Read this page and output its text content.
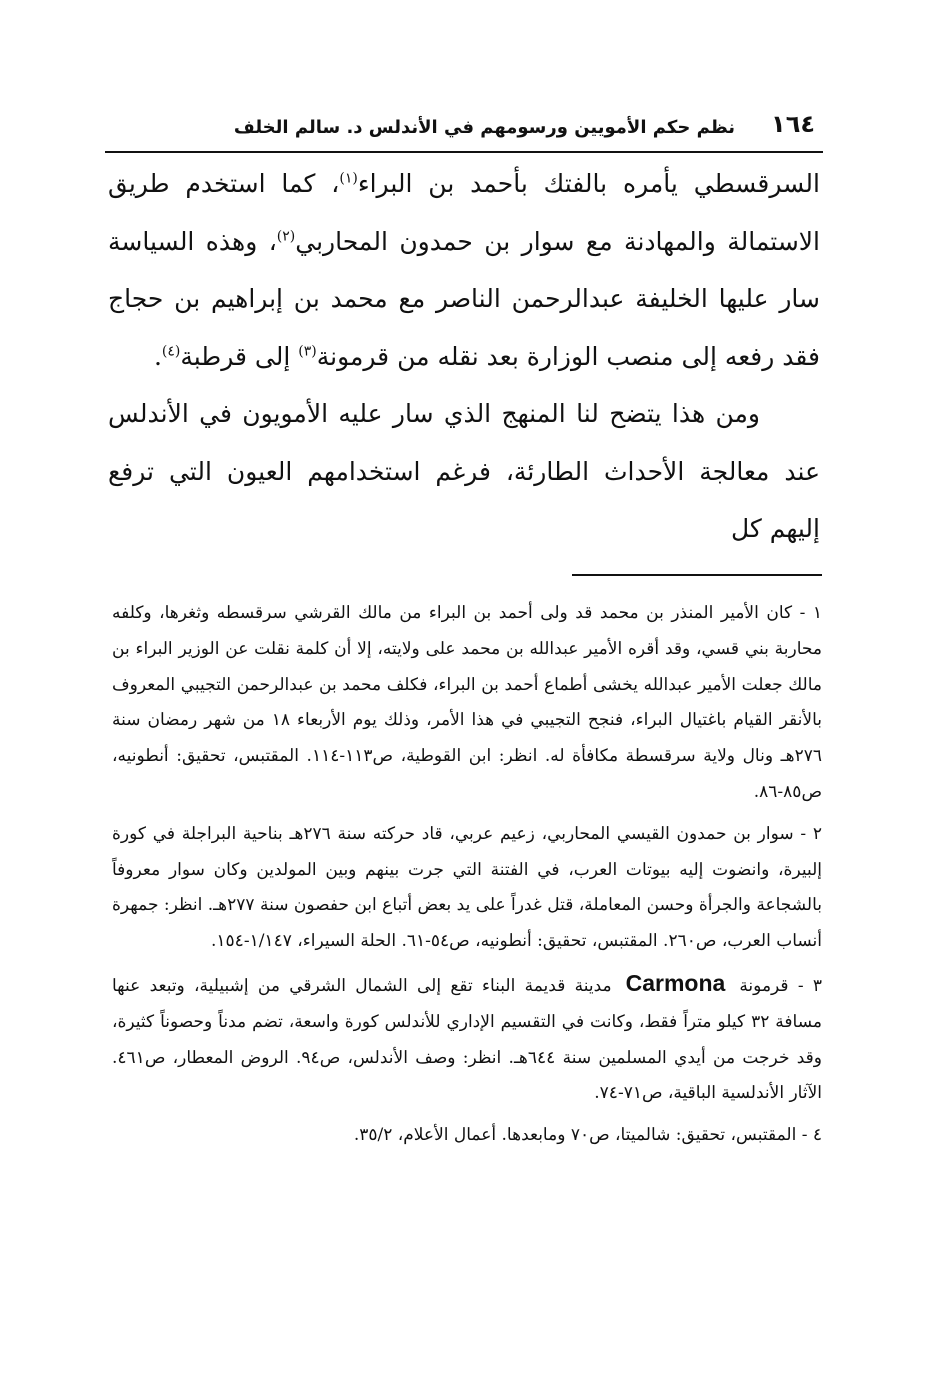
١٦٤
نظم حكم الأمويين ورسومهم في الأندلس د. سالم الخلف

السرقسطي يأمره بالفتك بأحمد بن البراء$^{(١)}$، كما استخدم طريق الاستمالة والمهادنة مع سوار بن حمدون المحاربي$^{(٢)}$، وهذه السياسة سار عليها الخليفة عبدالرحمن الناصر مع محمد بن إبراهيم بن حجاج فقد رفعه إلى منصب الوزارة بعد نقله من قرمونة$^{(٣)}$ إلى قرطبة$^{(٤)}$.

ومن هذا يتضح لنا المنهج الذي سار عليه الأمويون في الأندلس عند معالجة الأحداث الطارئة، فرغم استخدامهم العيون التي ترفع إليهم كل

١ - كان الأمير المنذر بن محمد قد ولى أحمد بن البراء من مالك القرشي سرقسطه وثغرها، وكلفه محاربة بني قسي، وقد أقره الأمير عبدالله بن محمد على ولايته، إلا أن كلمة نقلت عن الوزير البراء بن مالك جعلت الأمير عبدالله يخشى أطماع أحمد بن البراء، فكلف محمد بن عبدالرحمن التجيبي المعروف بالأنقر القيام باغتيال البراء، فنجح التجيبي في هذا الأمر، وذلك يوم الأربعاء ١٨ من شهر رمضان سنة ٢٧٦هـ ونال ولاية سرقسطة مكافأة له. انظر: ابن القوطية، ص١١٣-١١٤. المقتبس، تحقيق: أنطونيه، ص٨٥-٨٦.

٢ - سوار بن حمدون القيسي المحاربي، زعيم عربي، قاد حركته سنة ٢٧٦هـ بناحية البراجلة في كورة إلبيرة، وانضوت إليه بيوتات العرب، في الفتنة التي جرت بينهم وبين المولدين وكان سوار معروفاً بالشجاعة والجرأة وحسن المعاملة، قتل غدراً على يد بعض أتباع ابن حفصون سنة ٢٧٧هـ. انظر: جمهرة أنساب العرب، ص٢٦٠. المقتبس، تحقيق: أنطونيه، ص٥٤-٦١. الحلة السيراء، ١/١٤٧-١٥٤.

٣ - قرمونةCarmonaمدينة قديمة البناء تقع إلى الشمال الشرقي من إشبيلية، وتبعد عنها مسافة ٣٢ كيلو متراً فقط، وكانت في التقسيم الإداري للأندلس كورة واسعة، تضم مدناً وحصوناً كثيرة، وقد خرجت من أيدي المسلمين سنة ٦٤٤هـ. انظر: وصف الأندلس، ص٩٤. الروض المعطار، ص٤٦١. الآثار الأندلسية الباقية، ص٧١-٧٤.

٤ - المقتبس، تحقيق: شالميتا، ص٧٠ ومابعدها. أعمال الأعلام، ٣٥/٢.
